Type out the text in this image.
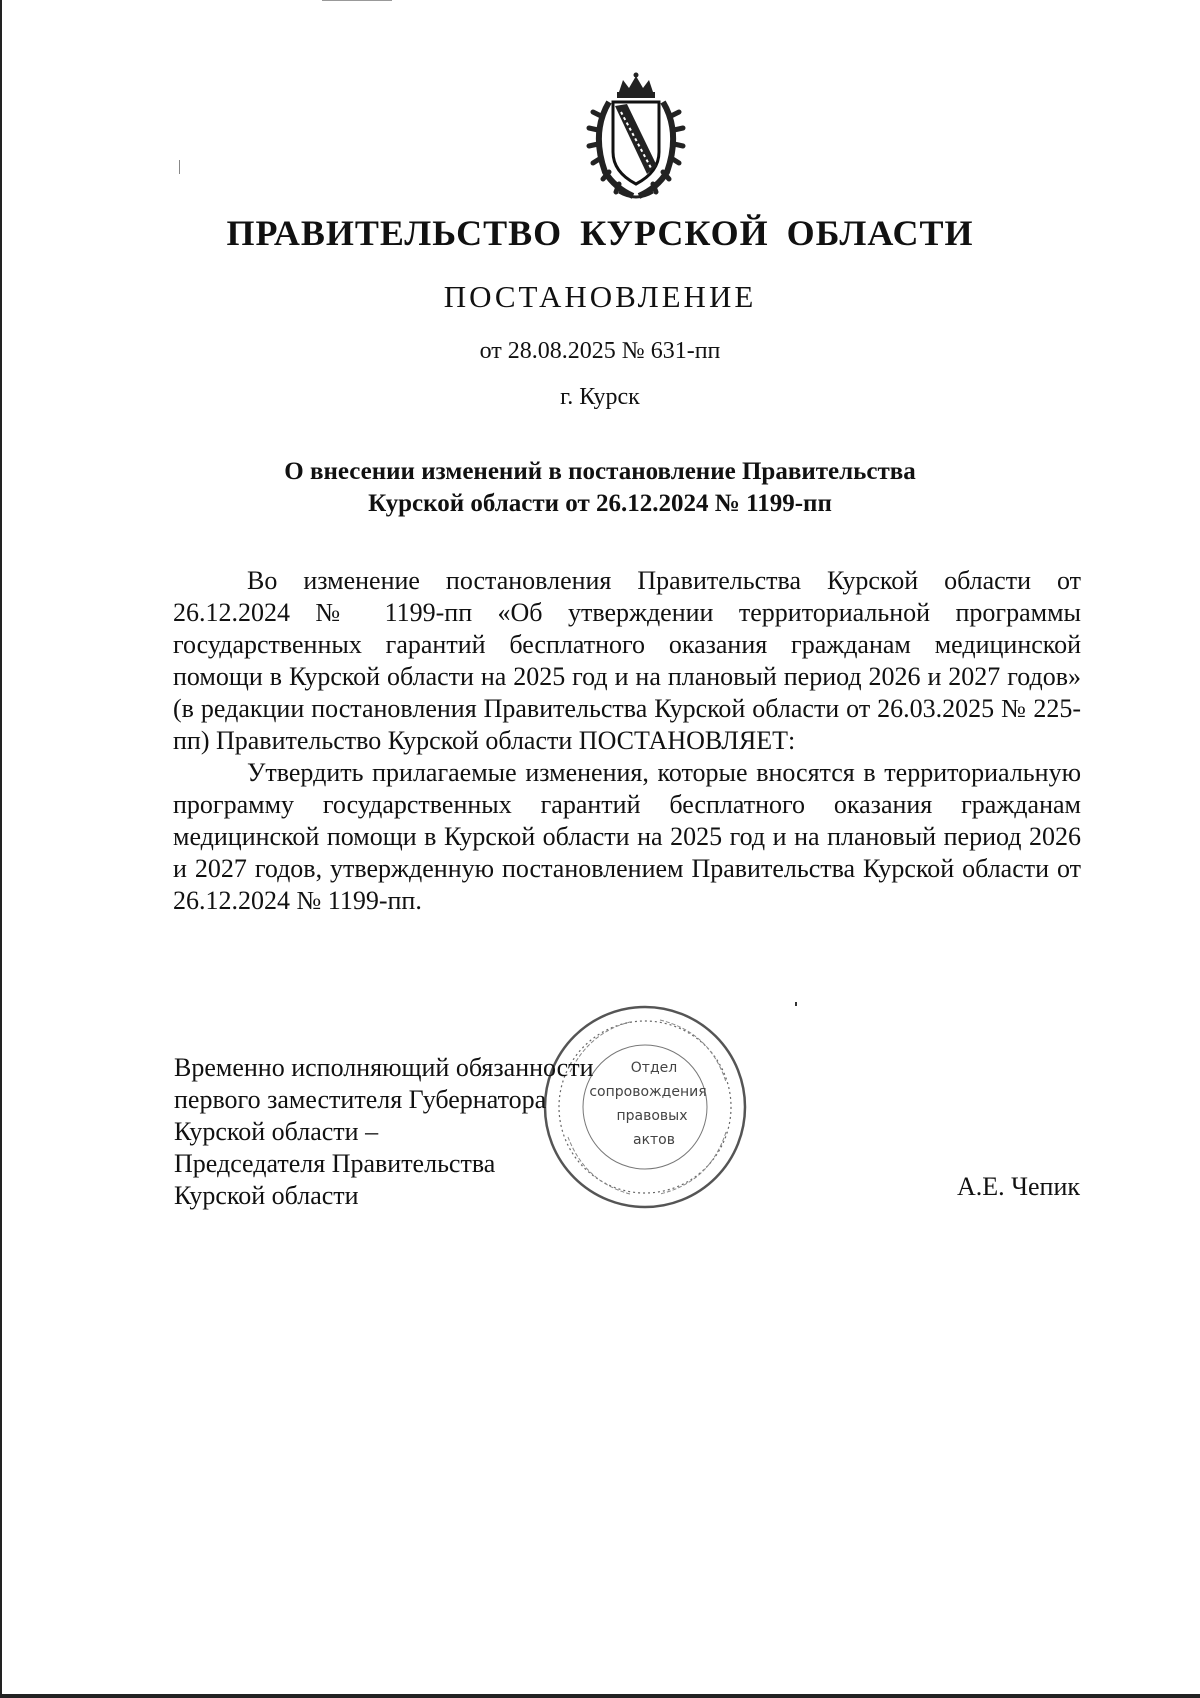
ПРАВИТЕЛЬСТВО КУРСКОЙ ОБЛАСТИ
ПОСТАНОВЛЕНИЕ
от 28.08.2025 № 631-пп
г. Курск
О внесении изменений в постановление Правительства
Курской области от 26.12.2024 № 1199-пп

Во изменение постановления Правительства Курской области от 26.12.2024 № 1199-пп «Об утверждении территориальной программы государственных гарантий бесплатного оказания гражданам медицинской помощи в Курской области на 2025 год и на плановый период 2026 и 2027 годов» (в редакции постановления Правительства Курской области от 26.03.2025 № 225-пп) Правительство Курской области ПОСТАНОВЛЯЕТ:

Утвердить прилагаемые изменения, которые вносятся в территориальную программу государственных гарантий бесплатного оказания гражданам медицинской помощи в Курской области на 2025 год и на плановый период 2026 и 2027 годов, утвержденную постановлением Правительства Курской области от 26.12.2024 № 1199-пп.

Отдел
сопровождения
правовых
актов
Временно исполняющий обязанности
первого заместителя Губернатора
Курской области –
Председателя Правительства
Курской области	А.Е. Чепик
